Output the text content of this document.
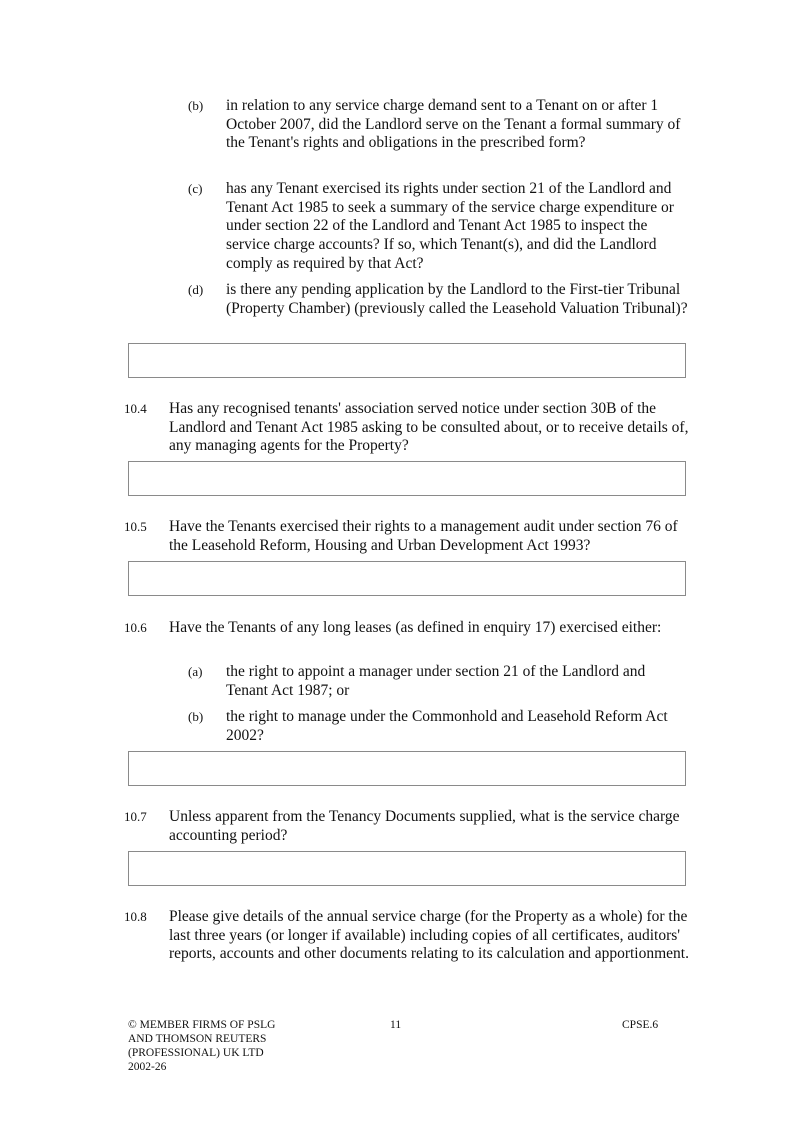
(b) in relation to any service charge demand sent to a Tenant on or after 1 October 2007, did the Landlord serve on the Tenant a formal summary of the Tenant's rights and obligations in the prescribed form?
(c) has any Tenant exercised its rights under section 21 of the Landlord and Tenant Act 1985 to seek a summary of the service charge expenditure or under section 22 of the Landlord and Tenant Act 1985 to inspect the service charge accounts? If so, which Tenant(s), and did the Landlord comply as required by that Act?
(d) is there any pending application by the Landlord to the First-tier Tribunal (Property Chamber) (previously called the Leasehold Valuation Tribunal)?
10.4 Has any recognised tenants' association served notice under section 30B of the Landlord and Tenant Act 1985 asking to be consulted about, or to receive details of, any managing agents for the Property?
10.5 Have the Tenants exercised their rights to a management audit under section 76 of the Leasehold Reform, Housing and Urban Development Act 1993?
10.6 Have the Tenants of any long leases (as defined in enquiry 17) exercised either:
(a) the right to appoint a manager under section 21 of the Landlord and Tenant Act 1987; or
(b) the right to manage under the Commonhold and Leasehold Reform Act 2002?
10.7 Unless apparent from the Tenancy Documents supplied, what is the service charge accounting period?
10.8 Please give details of the annual service charge (for the Property as a whole) for the last three years (or longer if available) including copies of all certificates, auditors' reports, accounts and other documents relating to its calculation and apportionment.
© MEMBER FIRMS OF PSLG
AND THOMSON REUTERS
(PROFESSIONAL) UK LTD
2002-26
11	CPSE.6
